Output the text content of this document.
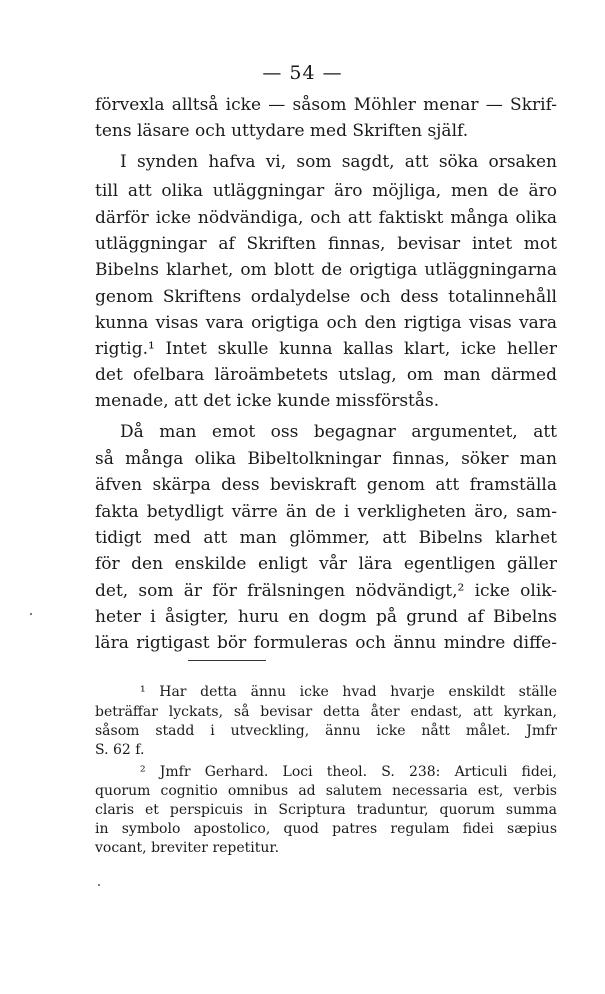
— 54 —
förvexla alltså icke — såsom Möhler menar — Skrif-
tens läsare och uttydare med Skriften själf.
I synden hafva vi, som sagdt, att söka orsaken
till att olika utläggningar äro möjliga, men de äro
därför icke nödvändiga, och att faktiskt många olika
utläggningar af Skriften finnas, bevisar intet mot
Bibelns klarhet, om blott de origtiga utläggningarna
genom Skriftens ordalydelse och dess totalinnehåll
kunna visas vara origtiga och den rigtiga visas vara
rigtig.¹ Intet skulle kunna kallas klart, icke heller
det ofelbara läroämbetets utslag, om man därmed
menade, att det icke kunde missförstås.
Då man emot oss begagnar argumentet, att
så många olika Bibeltolkningar finnas, söker man
äfven skärpa dess beviskraft genom att framställa
fakta betydligt värre än de i verkligheten äro, sam-
tidigt med att man glömmer, att Bibelns klarhet
för den enskilde enligt vår lära egentligen gäller
det, som är för frälsningen nödvändigt,² icke olik-
heter i åsigter, huru en dogm på grund af Bibelns
lära rigtigast bör formuleras och ännu mindre diffe-
¹ Har detta ännu icke hvad hvarje enskildt ställe
beträffar lyckats, så bevisar detta åter endast, att kyrkan,
såsom stadd i utveckling, ännu icke nått målet. Jmfr
S. 62 f.
² Jmfr Gerhard. Loci theol. S. 238: Articuli fidei,
quorum cognitio omnibus ad salutem necessaria est, verbis
claris et perspicuis in Scriptura traduntur, quorum summa
in symbolo apostolico, quod patres regulam fidei sæpius
vocant, breviter repetitur.
